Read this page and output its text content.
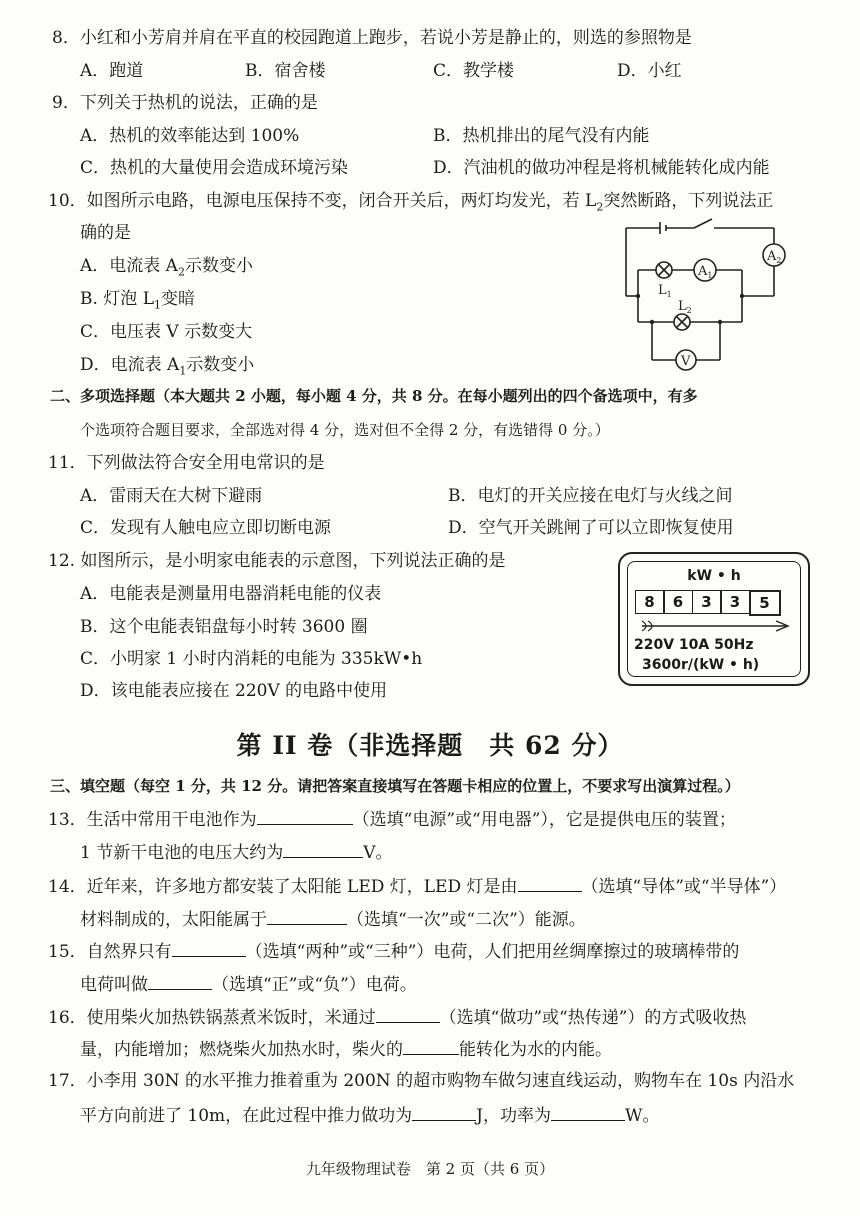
8．小红和小芳肩并肩在平直的校园跑道上跑步，若说小芳是静止的，则选的参照物是
A．跑道	B．宿舍楼	C．教学楼	D．小红
9．下列关于热机的说法，正确的是
A．热机的效率能达到 100%	B．热机排出的尾气没有内能
C．热机的大量使用会造成环境污染	D．汽油机的做功冲程是将机械能转化成内能
10．如图所示电路，电源电压保持不变，闭合开关后，两灯均发光，若 $L_2$突然断路，下列说法正
确的是
A．电流表 $A_2$示数变小
B. 灯泡 $L_1$变暗
C．电压表 V 示数变大
D．电流表 $A_1$示数变小
$A_1$
$A_2$
V
$L_1$
$L_2$
二、多项选择题（本大题共 2 小题，每小题 4 分，共 8 分。在每小题列出的四个备选项中，有多
个选项符合题目要求，全部选对得 4 分，选对但不全得 2 分，有选错得 0 分。）
11．下列做法符合安全用电常识的是
A．雷雨天在大树下避雨	B．电灯的开关应接在电灯与火线之间
C．发现有人触电应立即切断电源	D．空气开关跳闸了可以立即恢复使用
12. 如图所示，是小明家电能表的示意图，下列说法正确的是
A．电能表是测量用电器消耗电能的仪表
B．这个电能表铝盘每小时转 3600 圈
C．小明家 1 小时内消耗的电能为 335kW•h
D．该电能表应接在 220V 的电路中使用
kW • h
8	6	3	3	5
220V 10A 50Hz
3600r/(kW • h)
第 II 卷（非选择题　共 62 分）
三、填空题（每空 1 分，共 12 分。请把答案直接填写在答题卡相应的位置上，不要求写出演算过程。）
13．生活中常用干电池作为	（选填“电源”或“用电器”），它是提供电压的装置；
1 节新干电池的电压大约为	V。
14．近年来，许多地方都安装了太阳能 LED 灯，LED 灯是由	（选填“导体”或“半导体”）
材料制成的，太阳能属于	（选填“一次”或“二次”）能源。
15．自然界只有	（选填“两种”或“三种”）电荷，人们把用丝绸摩擦过的玻璃棒带的
电荷叫做	（选填“正”或“负”）电荷。
16．使用柴火加热铁锅蒸煮米饭时，米通过	（选填“做功”或“热传递”）的方式吸收热
量，内能增加；燃烧柴火加热水时，柴火的	能转化为水的内能。
17．小李用 30N 的水平推力推着重为 200N 的超市购物车做匀速直线运动，购物车在 10s 内沿水
平方向前进了 10m，在此过程中推力做功为	J，功率为	W。
九年级物理试卷　第 2 页（共 6 页）
